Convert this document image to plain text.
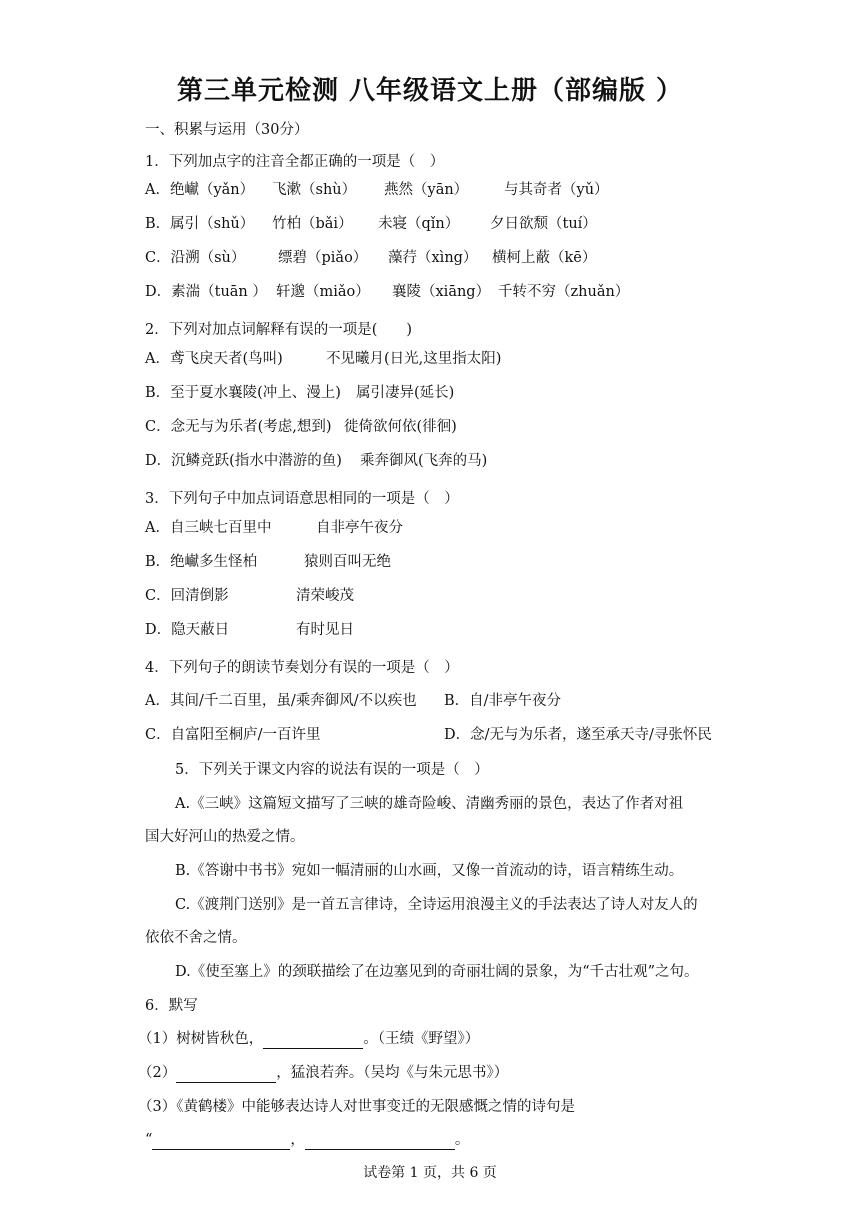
第三单元检测 八年级语文上册（部编版 ）
一、积累与运用（30分）
1．下列加点字的注音全都正确的一项是（　）
A．绝𪩘（yǎn） 飞漱（shù） 燕然（yān） 与其奇者（yǔ）
B．属引（shǔ） 竹柏（bǎi） 未寝（qǐn） 夕日欲颓（tuí）
C．沿溯（sù） 缥碧（piǎo） 藻荇（xìng） 横柯上蔽（kē）
D．素湍（tuān ） 轩邈（miǎo） 襄陵（xiāng） 千转不穷（zhuǎn）
2．下列对加点词解释有误的一项是(　　)
A．鸢飞戾天者(鸟叫)	不见曦月(日光,这里指太阳)
B．至于夏水襄陵(冲上、漫上) 属引凄异(延长)
C．念无与为乐者(考虑,想到) 徙倚欲何依(徘徊)
D．沉鳞竞跃(指水中潜游的鱼) 乘奔御风(飞奔的马)
3．下列句子中加点词语意思相同的一项是（　）
A．自三峡七百里中	自非亭午夜分
B．绝𪩘多生怪柏	猿则百叫无绝
C．回清倒影	清荣峻茂
D．隐天蔽日	有时见日
4．下列句子的朗读节奏划分有误的一项是（　）
A．其间/千二百里，虽/乘奔御风/不以疾也 B．自/非亭午夜分
C．自富阳至桐庐/一百许里	D．念/无与为乐者，遂至承天寺/寻张怀民
5．下列关于课文内容的说法有误的一项是（　）
A.《三峡》这篇短文描写了三峡的雄奇险峻、清幽秀丽的景色，表达了作者对祖
国大好河山的热爱之情。
B.《答谢中书书》宛如一幅清丽的山水画，又像一首流动的诗，语言精练生动。
C.《渡荆门送别》是一首五言律诗，全诗运用浪漫主义的手法表达了诗人对友人的
依依不舍之情。
D.《使至塞上》的颈联描绘了在边塞见到的奇丽壮阔的景象，为“千古壮观”之句。
6．默写
（1）树树皆秋色，	。（王绩《野望》）
（2）	，猛浪若奔。（吴均《与朱元思书》）
（3）《黄鹤楼》中能够表达诗人对世事变迁的无限感慨之情的诗句是
“	，	。
试卷第 1 页，共 6 页
